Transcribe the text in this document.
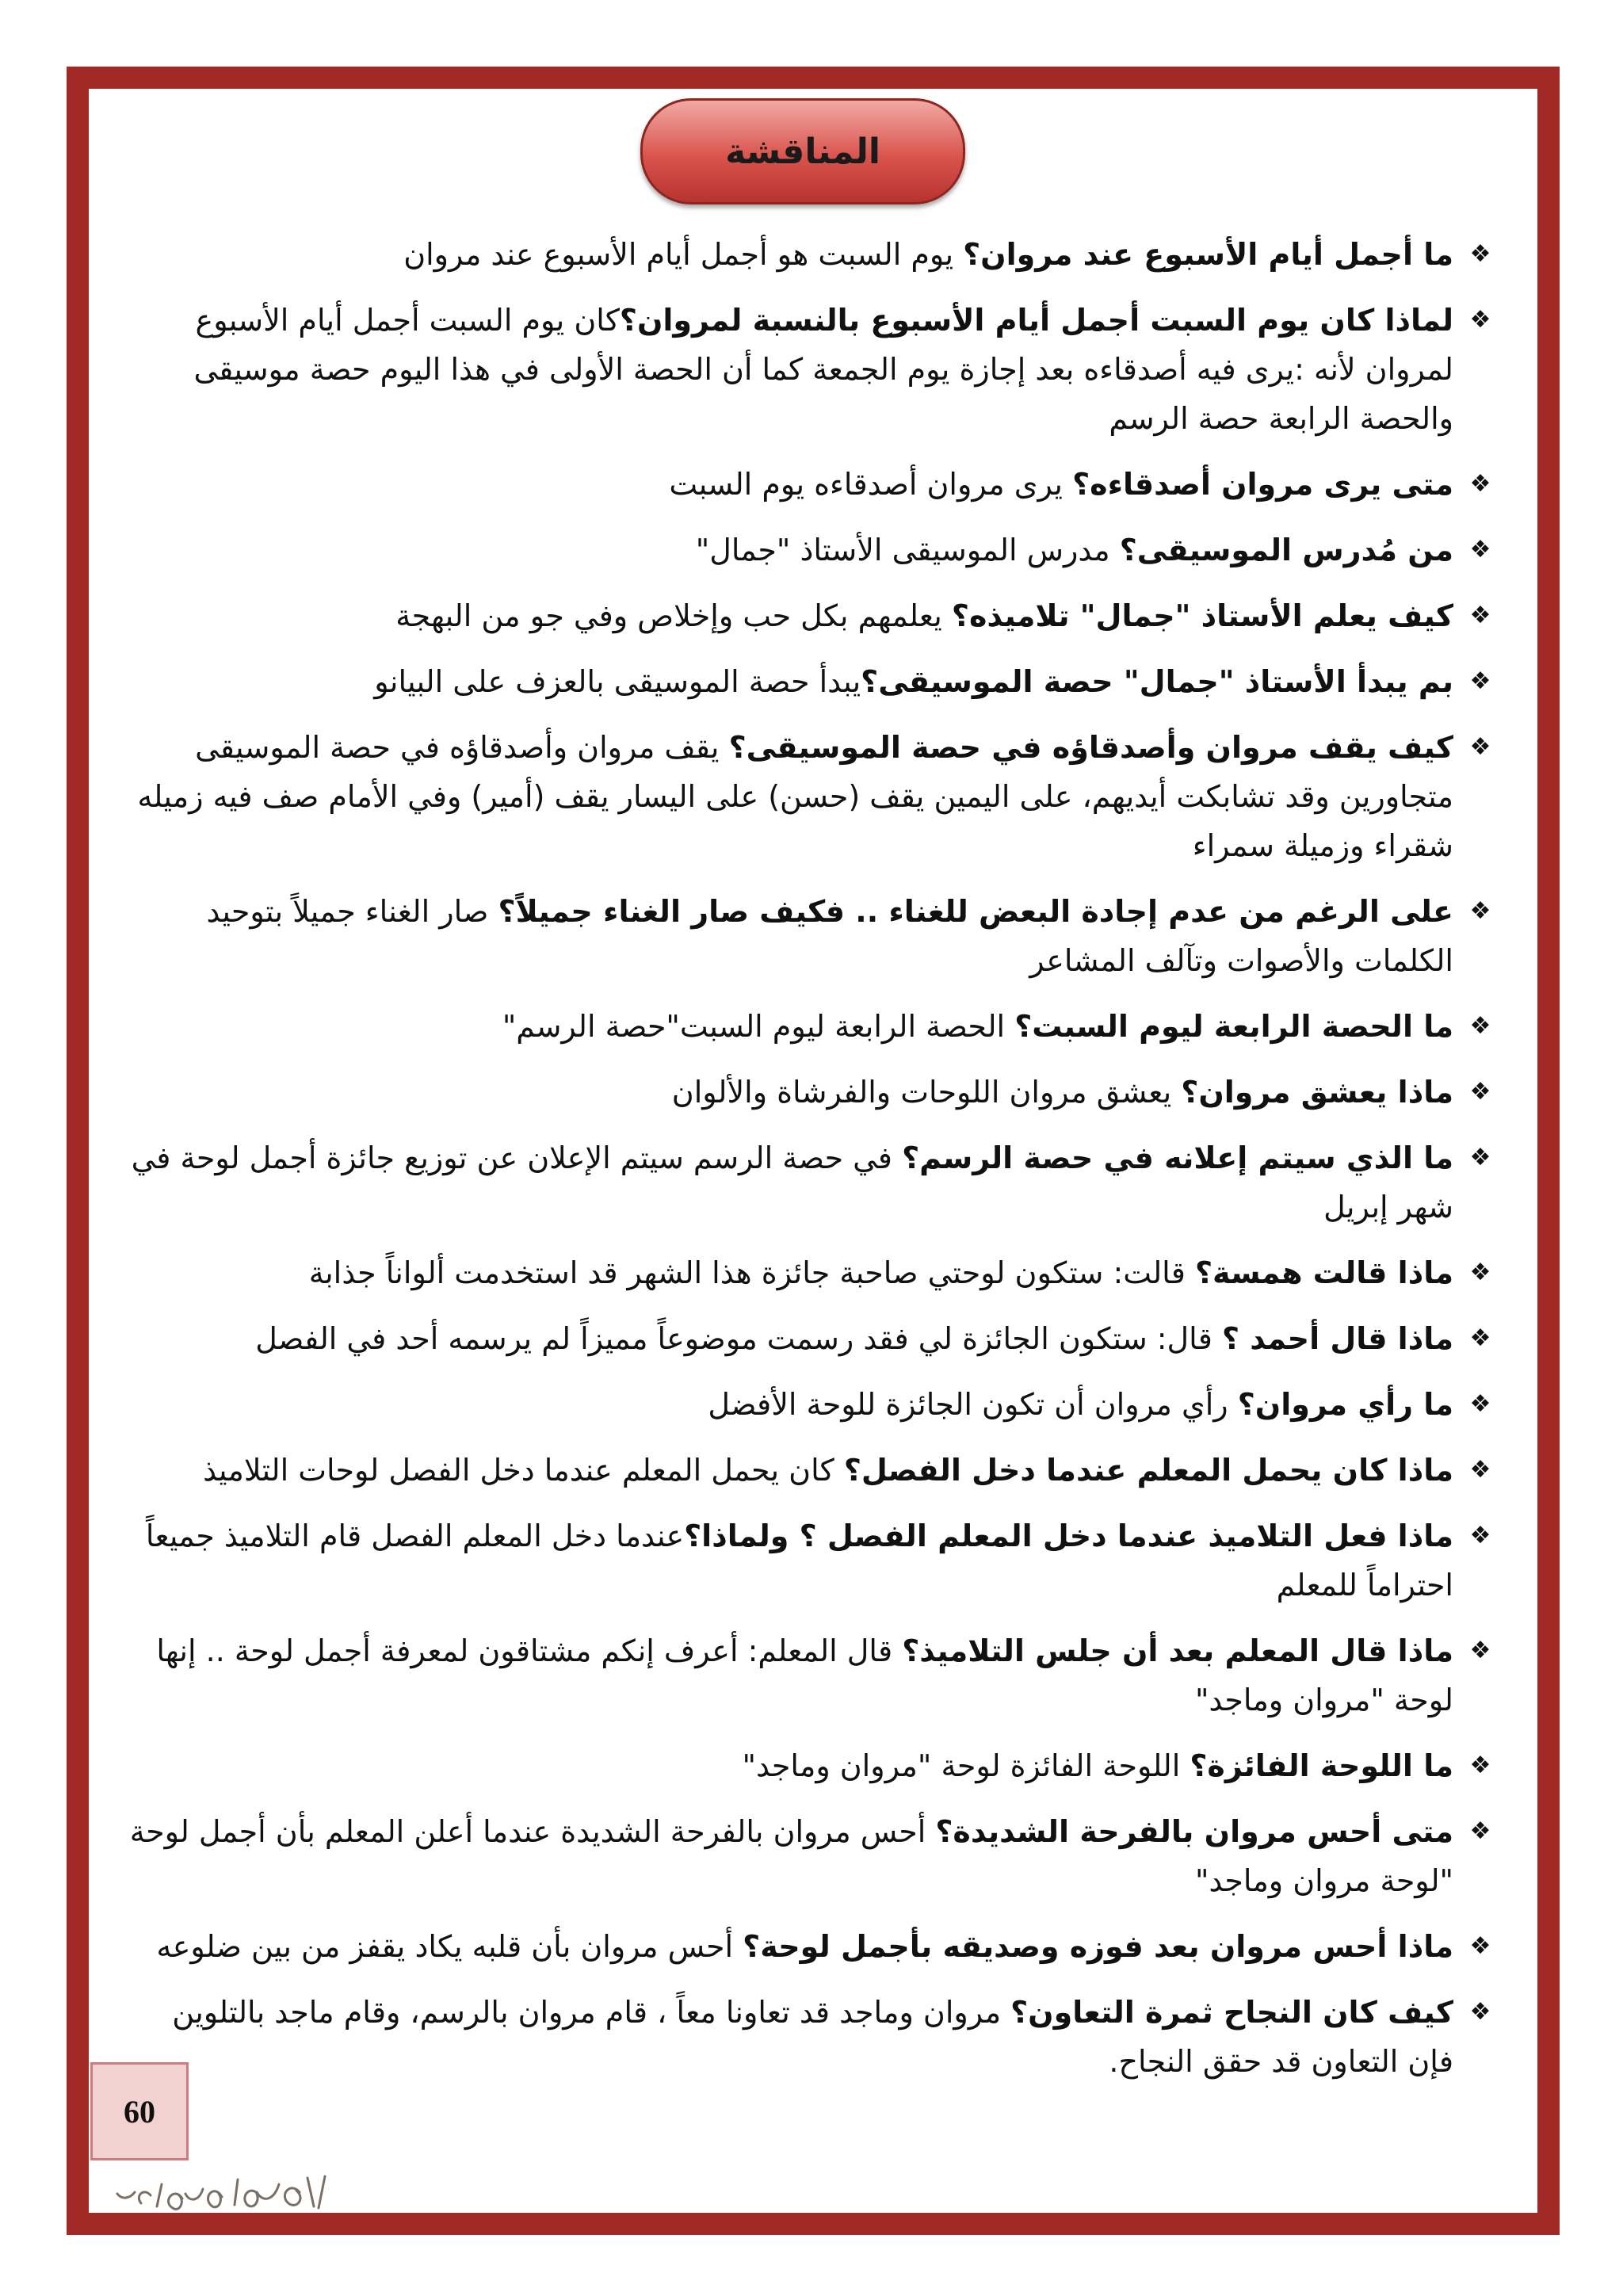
المناقشة
❖
ما أجمل أيام الأسبوع عند مروان؟ يوم السبت هو أجمل أيام الأسبوع عند مروان
❖
لماذا كان يوم السبت أجمل أيام الأسبوع بالنسبة لمروان؟كان يوم السبت أجمل أيام الأسبوع لمروان لأنه :يرى فيه أصدقاءه بعد إجازة يوم الجمعة كما أن الحصة الأولى في هذا اليوم حصة موسيقى والحصة الرابعة حصة الرسم
❖
متى يرى مروان أصدقاءه؟ يرى مروان أصدقاءه يوم السبت
❖
من مُدرس الموسيقى؟ مدرس الموسيقى الأستاذ "جمال"
❖
كيف يعلم الأستاذ "جمال" تلاميذه؟ يعلمهم بكل حب وإخلاص وفي جو من البهجة
❖
بم يبدأ الأستاذ "جمال" حصة الموسيقى؟يبدأ حصة الموسيقى بالعزف على البيانو
❖
كيف يقف مروان وأصدقاؤه في حصة الموسيقى؟ يقف مروان وأصدقاؤه في حصة الموسيقى متجاورين وقد تشابكت أيديهم، على اليمين يقف (حسن) على اليسار يقف (أمير) وفي الأمام صف فيه زميله شقراء وزميلة سمراء
❖
على الرغم من عدم إجادة البعض للغناء .. فكيف صار الغناء جميلاً؟ صار الغناء جميلاً بتوحيد الكلمات والأصوات وتآلف المشاعر
❖
ما الحصة الرابعة ليوم السبت؟ الحصة الرابعة ليوم السبت"حصة الرسم"
❖
ماذا يعشق مروان؟ يعشق مروان اللوحات والفرشاة والألوان
❖
ما الذي سيتم إعلانه في حصة الرسم؟ في حصة الرسم سيتم الإعلان عن توزيع جائزة أجمل لوحة في شهر إبريل
❖
ماذا قالت همسة؟ قالت: ستكون لوحتي صاحبة جائزة هذا الشهر قد استخدمت ألواناً جذابة
❖
ماذا قال أحمد ؟ قال: ستكون الجائزة لي فقد رسمت موضوعاً مميزاً لم يرسمه أحد في الفصل
❖
ما رأي مروان؟ رأي مروان أن تكون الجائزة للوحة الأفضل
❖
ماذا كان يحمل المعلم عندما دخل الفصل؟ كان يحمل المعلم عندما دخل الفصل لوحات التلاميذ
❖
ماذا فعل التلاميذ عندما دخل المعلم الفصل ؟ ولماذا؟عندما دخل المعلم الفصل قام التلاميذ جميعاً احتراماً للمعلم
❖
ماذا قال المعلم بعد أن جلس التلاميذ؟ قال المعلم: أعرف إنكم مشتاقون لمعرفة أجمل لوحة .. إنها لوحة "مروان وماجد"
❖
ما اللوحة الفائزة؟ اللوحة الفائزة لوحة "مروان وماجد"
❖
متى أحس مروان بالفرحة الشديدة؟ أحس مروان بالفرحة الشديدة عندما أعلن المعلم بأن أجمل لوحة "لوحة مروان وماجد"
❖
ماذا أحس مروان بعد فوزه وصديقه بأجمل لوحة؟ أحس مروان بأن قلبه يكاد يقفز من بين ضلوعه
❖
كيف كان النجاح ثمرة التعاون؟ مروان وماجد قد تعاونا معاً ، قام مروان بالرسم، وقام ماجد بالتلوين فإن التعاون قد حقق النجاح.
60
